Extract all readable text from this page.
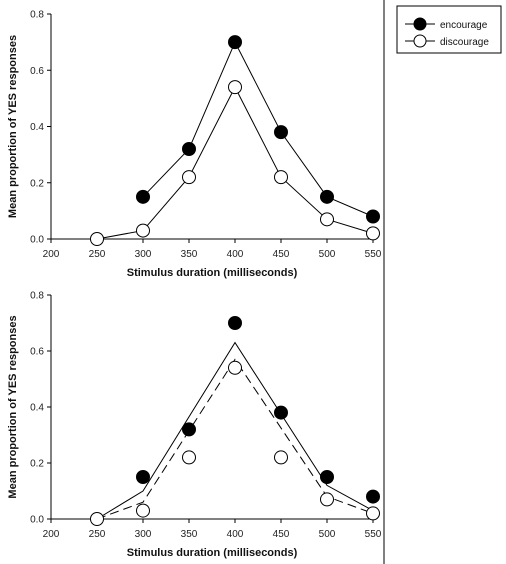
encourage
discourage
0.0
0.2
0.4
0.6
0.8
200	250	300	350	400	450	500	550
Stimulus duration (milliseconds)
Mean proportion of YES responses
0.0
0.2
0.4
0.6
0.8
200	250	300	350	400	450	500	550
Stimulus duration (milliseconds)
Mean proportion of YES responses
